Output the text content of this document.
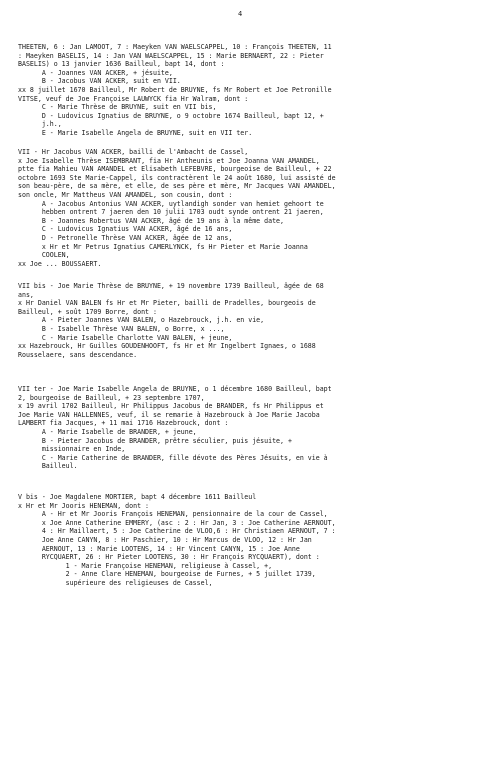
4

THEETEN, 6 : Jan LAMOOT, 7 : Maeyken VAN WAELSCAPPEL, 10 : François THEETEN, 11
: Maeyken BASELIS, 14 : Jan VAN WAELSCAPPEL, 15 : Marie BERNAERT, 22 : Pieter
BASELIS) o 13 janvier 1636 Bailleul, bapt 14, dont :
A - Joannes VAN ACKER, + jésuite,
B - Jacobus VAN ACKER, suit en VII.
xx 8 juillet 1670 Bailleul, Mr Robert de BRUYNE, fs Mr Robert et Joe Petronille
VITSE, veuf de Joe Françoise LAUWYCK fia Hr Walram, dont :
C - Marie Thrèse de BRUYNE, suit en VII bis,
D - Ludovicus Ignatius de BRUYNE, o 9 octobre 1674 Bailleul, bapt 12, +
j.h.,
E - Marie Isabelle Angela de BRUYNE, suit en VII ter.

VII - Hr Jacobus VAN ACKER, bailli de l'Ambacht de Cassel,
x Joe Isabelle Thrèse ISEMBRANT, fia Hr Antheunis et Joe Joanna VAN AMANDEL,
ptte fia Mahieu VAN AMANDEL et Elisabeth LEFEBVRE, bourgeoise de Bailleul, + 22
octobre 1693 Ste Marie-Cappel, ils contractèrent le 24 août 1680, lui assisté de
son beau-père, de sa mère, et elle, de ses père et mère, Mr Jacques VAN AMANDEL,
son oncle, Mr Mattheus VAN AMANDEL, son cousin, dont :
A - Jacobus Antonius VAN ACKER, uytlandigh sonder van hemiet gehoort te
hebben ontrent 7 jaeren den 10 julii 1703 oudt synde ontrent 21 jaeren,
B - Joannes Robertus VAN ACKER, âgé de 19 ans à la même date,
C - Ludovicus Ignatius VAN ACKER, âgé de 16 ans,
D - Petronelle Thrèse VAN ACKER, âgée de 12 ans,
x Hr et Mr Petrus Ignatius CAMERLYNCK, fs Hr Pieter et Marie Joanna
COOLEN,
xx Joe ... BOUSSAERT.

VII bis - Joe Marie Thrèse de BRUYNE, + 19 novembre 1739 Bailleul, âgée de 68
ans,
x Hr Daniel VAN BALEN fs Hr et Mr Pieter, bailli de Pradelles, bourgeois de
Bailleul, + soût 1709 Borre, dont :
A - Pieter Joannes VAN BALEN, o Hazebrouck, j.h. en vie,
B - Isabelle Thrèse VAN BALEN, o Borre, x ...,
C - Marie Isabelle Charlotte VAN BALEN, + jeune,
xx Hazebrouck, Hr Guilles GOUDENHOOFT, fs Hr et Mr Ingelbert Ignaes, o 1688
Rousselaere, sans descendance.

VII ter - Joe Marie Isabelle Angela de BRUYNE, o 1 décembre 1680 Bailleul, bapt
2, bourgeoise de Bailleul, + 23 septembre 1707,
x 19 avril 1702 Bailleul, Hr Philippus Jacobus de BRANDER, fs Hr Philippus et
Joe Marie VAN HALLENNES, veuf, il se remarie à Hazebrouck à Joe Marie Jacoba
LAMBERT fia Jacques, + 11 mai 1716 Hazebrouck, dont :
A - Marie Isabelle de BRANDER, + jeune,
B - Pieter Jacobus de BRANDER, prêtre séculier, puis jésuite, +
missionnaire en Inde,
C - Marie Catherine de BRANDER, fille dévote des Pères Jésuits, en vie à
Bailleul.

V bis - Joe Magdalene MORTIER, bapt 4 décembre 1611 Bailleul
x Hr et Mr Jooris HENEMAN, dont :
A - Hr et Mr Jooris François HENEMAN, pensionnaire de la cour de Cassel,
x Joe Anne Catherine EMMERY, (asc : 2 : Hr Jan, 3 : Joe Catherine AERNOUT,
4 : Hr Maillaert, 5 : Joe Catherine de VLOO,6 : Hr Christiaen AERNOUT, 7 :
Joe Anne CANYN, 8 : Hr Paschier, 10 : Hr Marcus de VLOO, 12 : Hr Jan
AERNOUT, 13 : Marie LOOTENS, 14 : Hr Vincent CANYN, 15 : Joe Anne
RYCQUAERT, 26 : Hr Pieter LOOTENS, 30 : Hr François RYCQUAERT), dont :
1 - Marie Françoise HENEMAN, religieuse à Cassel, +,
2 - Anne Clare HENEMAN, bourgeoise de Furnes, + 5 juillet 1739,
supérieure des religieuses de Cassel,
